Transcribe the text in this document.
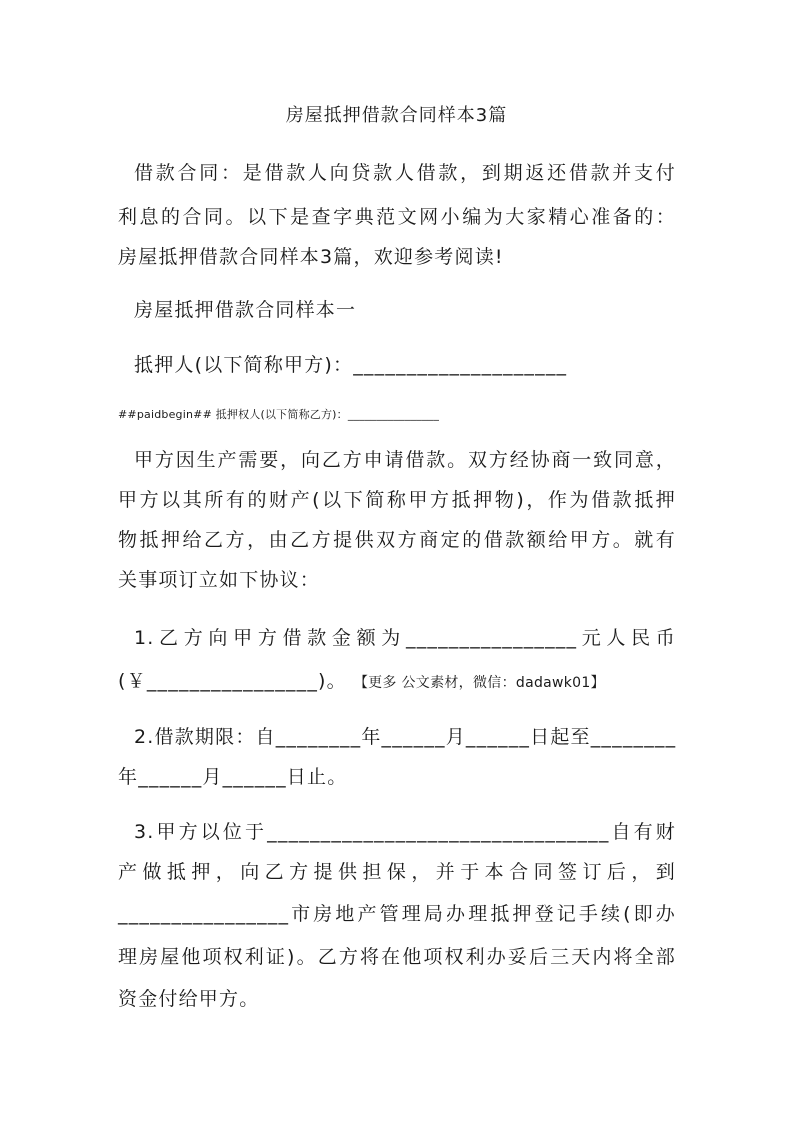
房屋抵押借款合同样本3篇
借款合同：是借款人向贷款人借款，到期返还借款并支付
利息的合同。以下是查字典范文网小编为大家精心准备的：
房屋抵押借款合同样本3篇，欢迎参考阅读!
房屋抵押借款合同样本一
抵押人(以下简称甲方)：____________________
##paidbegin## 抵押权人(以下简称乙方)：________________
甲方因生产需要，向乙方申请借款。双方经协商一致同意，
甲方以其所有的财产(以下简称甲方抵押物)，作为借款抵押
物抵押给乙方，由乙方提供双方商定的借款额给甲方。就有
关事项订立如下协议：
1.乙方向甲方借款金额为________________元人民币
(￥________________)。 【更多 公文素材，微信：dadawk01】
2.借款期限：自________年______月______日起至________
年______月______日止。
3.甲方以位于________________________________自有财
产做抵押，向乙方提供担保，并于本合同签订后，到
________________市房地产管理局办理抵押登记手续(即办
理房屋他项权利证)。乙方将在他项权利办妥后三天内将全部
资金付给甲方。
